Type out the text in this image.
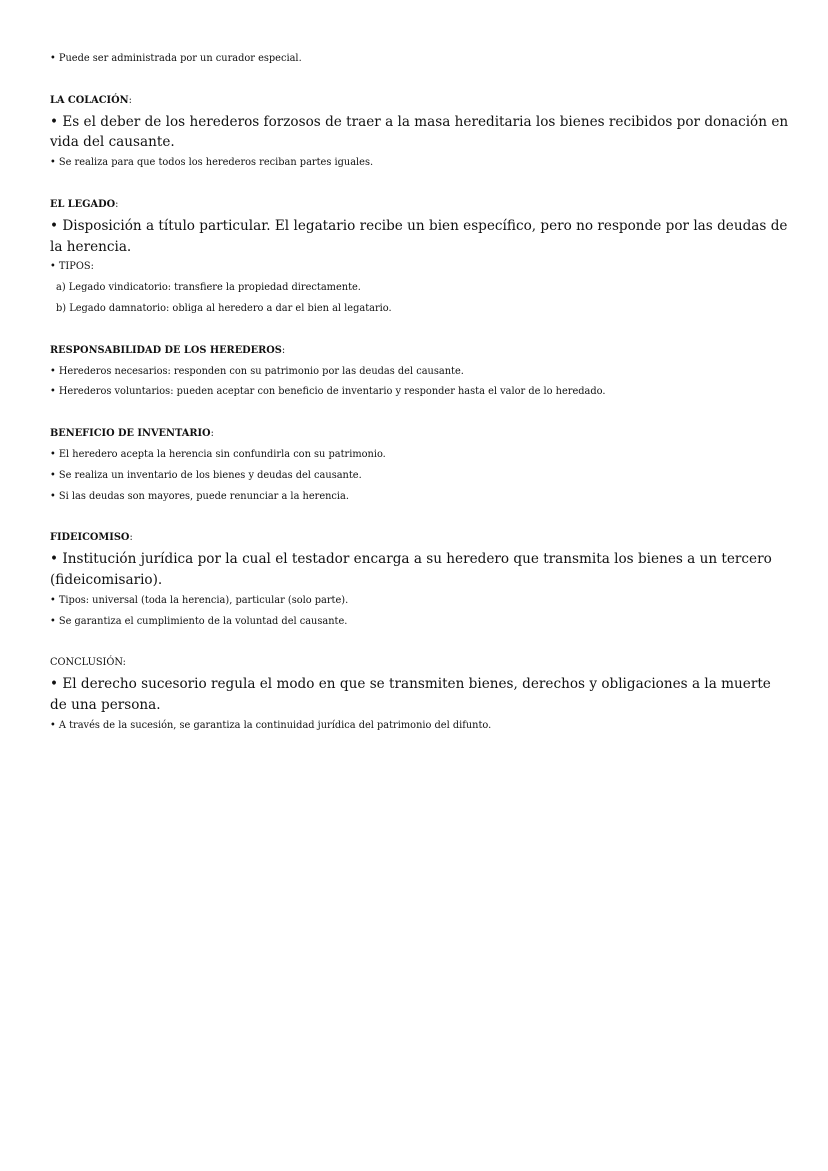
• Puede ser administrada por un curador especial.
LA COLACIÓN:
• Es el deber de los herederos forzosos de traer a la masa hereditaria los bienes recibidos por donación en vida del causante.
• Se realiza para que todos los herederos reciban partes iguales.
EL LEGADO:
• Disposición a título particular. El legatario recibe un bien específico, pero no responde por las deudas de la herencia.
• TIPOS:
a) Legado vindicatorio: transfiere la propiedad directamente.
b) Legado damnatorio: obliga al heredero a dar el bien al legatario.
RESPONSABILIDAD DE LOS HEREDEROS:
• Herederos necesarios: responden con su patrimonio por las deudas del causante.
• Herederos voluntarios: pueden aceptar con beneficio de inventario y responder hasta el valor de lo heredado.
BENEFICIO DE INVENTARIO:
• El heredero acepta la herencia sin confundirla con su patrimonio.
• Se realiza un inventario de los bienes y deudas del causante.
• Si las deudas son mayores, puede renunciar a la herencia.
FIDEICOMISO:
• Institución jurídica por la cual el testador encarga a su heredero que transmita los bienes a un tercero (fideicomisario).
• Tipos: universal (toda la herencia), particular (solo parte).
• Se garantiza el cumplimiento de la voluntad del causante.
CONCLUSIÓN:
• El derecho sucesorio regula el modo en que se transmiten bienes, derechos y obligaciones a la muerte de una persona.
• A través de la sucesión, se garantiza la continuidad jurídica del patrimonio del difunto.
